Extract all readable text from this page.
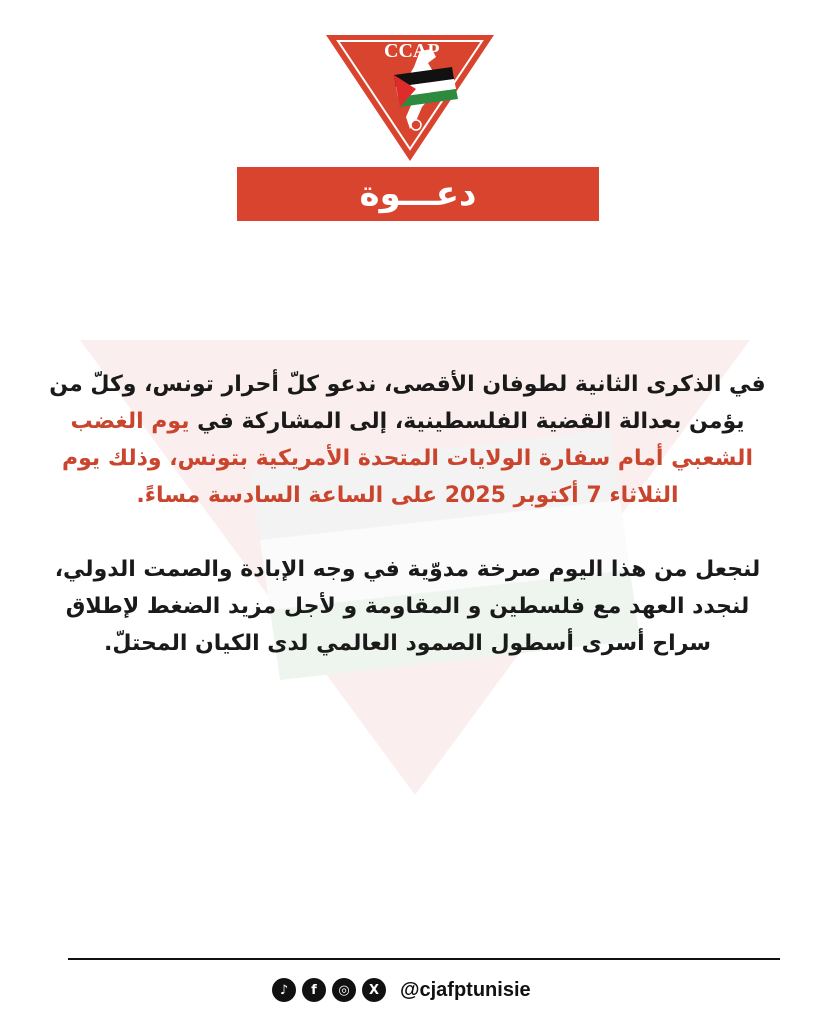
CCAP
دعـــوة

في الذكرى الثانية لطوفان الأقصى، ندعو كلّ أحرار تونس، وكلّ من يؤمن بعدالة القضية الفلسطينية، إلى المشاركة في يوم الغضب الشعبي أمام سفارة الولايات المتحدة الأمريكية بتونس، وذلك يوم الثلاثاء 7 أكتوبر 2025 على الساعة السادسة مساءً.

لنجعل من هذا اليوم صرخة مدوّية في وجه الإبادة والصمت الدولي، لنجدد العهد مع فلسطين و المقاومة و لأجل مزيد الضغط لإطلاق سراح أسرى أسطول الصمود العالمي لدى الكيان المحتلّ.

♪	f	◎	X	@cjafptunisie
